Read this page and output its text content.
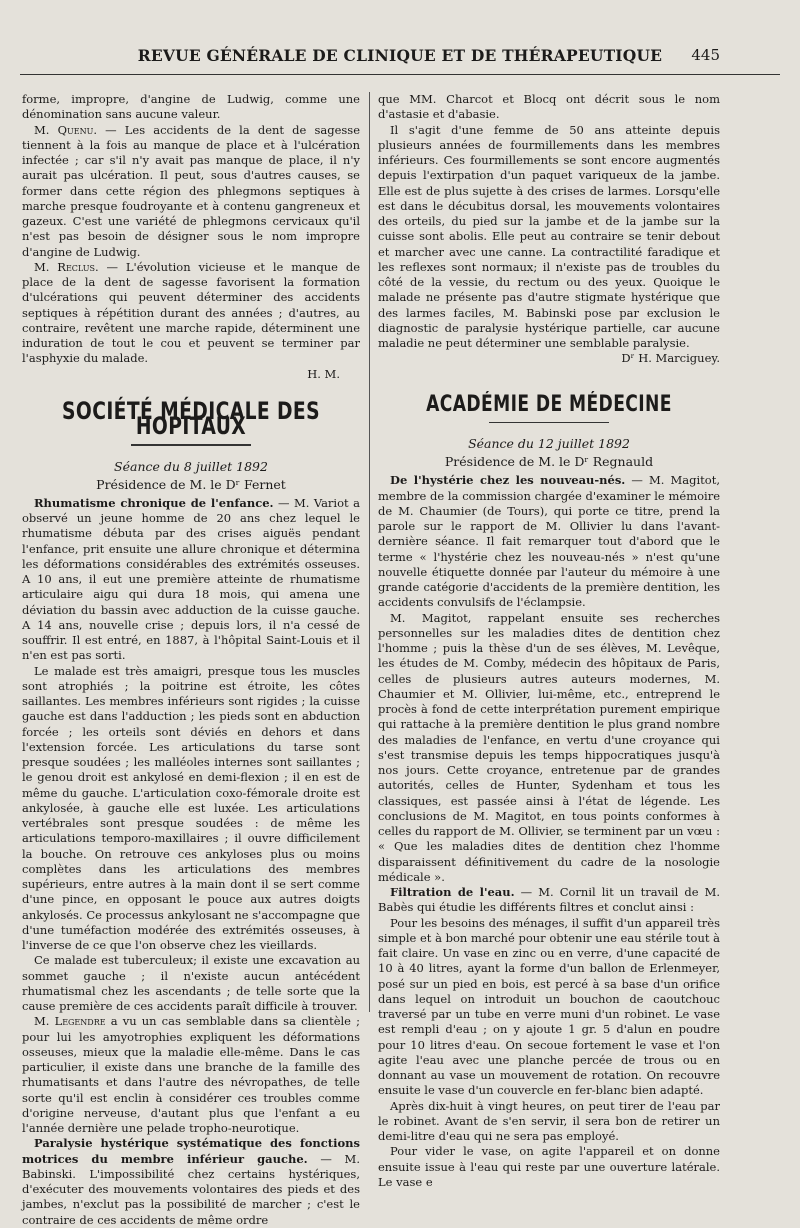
REVUE GÉNÉRALE DE CLINIQUE ET DE THÉRAPEUTIQUE	445

forme, impropre, d'angine de Ludwig, comme une dénomination sans aucune valeur.

M. Quenu. — Les accidents de la dent de sagesse tiennent à la fois au manque de place et à l'ulcération infectée ; car s'il n'y avait pas manque de place, il n'y aurait pas ulcération. Il peut, sous d'autres causes, se former dans cette région des phlegmons septiques à marche presque foudroyante et à contenu gangreneux et gazeux. C'est une variété de phlegmons cervicaux qu'il n'est pas besoin de désigner sous le nom impropre d'angine de Ludwig.

M. Reclus. — L'évolution vicieuse et le manque de place de la dent de sagesse favorisent la formation d'ulcérations qui peuvent déterminer des accidents septiques à répétition durant des années ; d'autres, au contraire, revêtent une marche rapide, déterminent une induration de tout le cou et peuvent se terminer par l'asphyxie du malade.

H. M.

SOCIÉTÉ MÉDICALE DES HOPITAUX

Séance du 8 juillet 1892

Présidence de M. le Dʳ Fernet

Rhumatisme chronique de l'enfance. — M. Variot a observé un jeune homme de 20 ans chez lequel le rhumatisme débuta par des crises aiguës pendant l'enfance, prit ensuite une allure chronique et détermina les déformations considérables des extrémités osseuses. A 10 ans, il eut une première atteinte de rhumatisme articulaire aigu qui dura 18 mois, qui amena une déviation du bassin avec adduction de la cuisse gauche. A 14 ans, nouvelle crise ; depuis lors, il n'a cessé de souffrir. Il est entré, en 1887, à l'hôpital Saint-Louis et il n'en est pas sorti.

Le malade est très amaigri, presque tous les muscles sont atrophiés ; la poitrine est étroite, les côtes saillantes. Les membres inférieurs sont rigides ; la cuisse gauche est dans l'adduction ; les pieds sont en abduction forcée ; les orteils sont déviés en dehors et dans l'extension forcée. Les articulations du tarse sont presque soudées ; les malléoles internes sont saillantes ; le genou droit est ankylosé en demi-flexion ; il en est de même du gauche. L'articulation coxo-fémorale droite est ankylosée, à gauche elle est luxée. Les articulations vertébrales sont presque soudées : de même les articulations temporo-maxillaires ; il ouvre difficilement la bouche. On retrouve ces ankyloses plus ou moins complètes dans les articulations des membres supérieurs, entre autres à la main dont il se sert comme d'une pince, en opposant le pouce aux autres doigts ankylosés. Ce processus ankylosant ne s'accompagne que d'une tuméfaction modérée des extrémités osseuses, à l'inverse de ce que l'on observe chez les vieillards.

Ce malade est tuberculeux; il existe une excavation au sommet gauche ; il n'existe aucun antécédent rhumatismal chez les ascendants ; de telle sorte que la cause première de ces accidents paraît difficile à trouver.

M. Legendre a vu un cas semblable dans sa clientèle ; pour lui les amyotrophies expliquent les déformations osseuses, mieux que la maladie elle-même. Dans le cas particulier, il existe dans une branche de la famille des rhumatisants et dans l'autre des névropathes, de telle sorte qu'il est enclin à considérer ces troubles comme d'origine nerveuse, d'autant plus que l'enfant a eu l'année dernière une pelade tropho-neurotique.

Paralysie hystérique systématique des fonctions motrices du membre inférieur gauche. — M. Babinski. L'impossibilité chez certains hystériques, d'exécuter des mouvements volontaires des pieds et des jambes, n'exclut pas la possibilité de marcher ; c'est le contraire de ces accidents de même ordre

que MM. Charcot et Blocq ont décrit sous le nom d'astasie et d'abasie.

Il s'agit d'une femme de 50 ans atteinte depuis plusieurs années de fourmillements dans les membres inférieurs. Ces fourmillements se sont encore augmentés depuis l'extirpation d'un paquet variqueux de la jambe. Elle est de plus sujette à des crises de larmes. Lorsqu'elle est dans le décubitus dorsal, les mouvements volontaires des orteils, du pied sur la jambe et de la jambe sur la cuisse sont abolis. Elle peut au contraire se tenir debout et marcher avec une canne. La contractilité faradique et les reflexes sont normaux; il n'existe pas de troubles du côté de la vessie, du rectum ou des yeux. Quoique le malade ne présente pas d'autre stigmate hystérique que des larmes faciles, M. Babinski pose par exclusion le diagnostic de paralysie hystérique partielle, car aucune maladie ne peut déterminer une semblable paralysie.

Dʳ H. Marciguey.

ACADÉMIE DE MÉDECINE

Séance du 12 juillet 1892

Présidence de M. le Dʳ Regnauld

De l'hystérie chez les nouveau-nés. — M. Magitot, membre de la commission chargée d'examiner le mémoire de M. Chaumier (de Tours), qui porte ce titre, prend la parole sur le rapport de M. Ollivier lu dans l'avant-dernière séance. Il fait remarquer tout d'abord que le terme « l'hystérie chez les nouveau-nés » n'est qu'une nouvelle étiquette donnée par l'auteur du mémoire à une grande catégorie d'accidents de la première dentition, les accidents convulsifs de l'éclampsie.

M. Magitot, rappelant ensuite ses recherches personnelles sur les maladies dites de dentition chez l'homme ; puis la thèse d'un de ses élèves, M. Levêque, les études de M. Comby, médecin des hôpitaux de Paris, celles de plusieurs autres auteurs modernes, M. Chaumier et M. Ollivier, lui-même, etc., entreprend le procès à fond de cette interprétation purement empirique qui rattache à la première dentition le plus grand nombre des maladies de l'enfance, en vertu d'une croyance qui s'est transmise depuis les temps hippocratiques jusqu'à nos jours. Cette croyance, entretenue par de grandes autorités, celles de Hunter, Sydenham et tous les classiques, est passée ainsi à l'état de légende. Les conclusions de M. Magitot, en tous points conformes à celles du rapport de M. Ollivier, se terminent par un vœu : « Que les maladies dites de dentition chez l'homme disparaissent définitivement du cadre de la nosologie médicale ».

Filtration de l'eau. — M. Cornil lit un travail de M. Babès qui étudie les différents filtres et conclut ainsi :

Pour les besoins des ménages, il suffit d'un appareil très simple et à bon marché pour obtenir une eau stérile tout à fait claire. Un vase en zinc ou en verre, d'une capacité de 10 à 40 litres, ayant la forme d'un ballon de Erlenmeyer, posé sur un pied en bois, est percé à sa base d'un orifice dans lequel on introduit un bouchon de caoutchouc traversé par un tube en verre muni d'un robinet. Le vase est rempli d'eau ; on y ajoute 1 gr. 5 d'alun en poudre pour 10 litres d'eau. On secoue fortement le vase et l'on agite l'eau avec une planche percée de trous ou en donnant au vase un mouvement de rotation. On recouvre ensuite le vase d'un couvercle en fer-blanc bien adapté.

Après dix-huit à vingt heures, on peut tirer de l'eau par le robinet. Avant de s'en servir, il sera bon de retirer un demi-litre d'eau qui ne sera pas employé.

Pour vider le vase, on agite l'appareil et on donne ensuite issue à l'eau qui reste par une ouverture latérale. Le vase e
